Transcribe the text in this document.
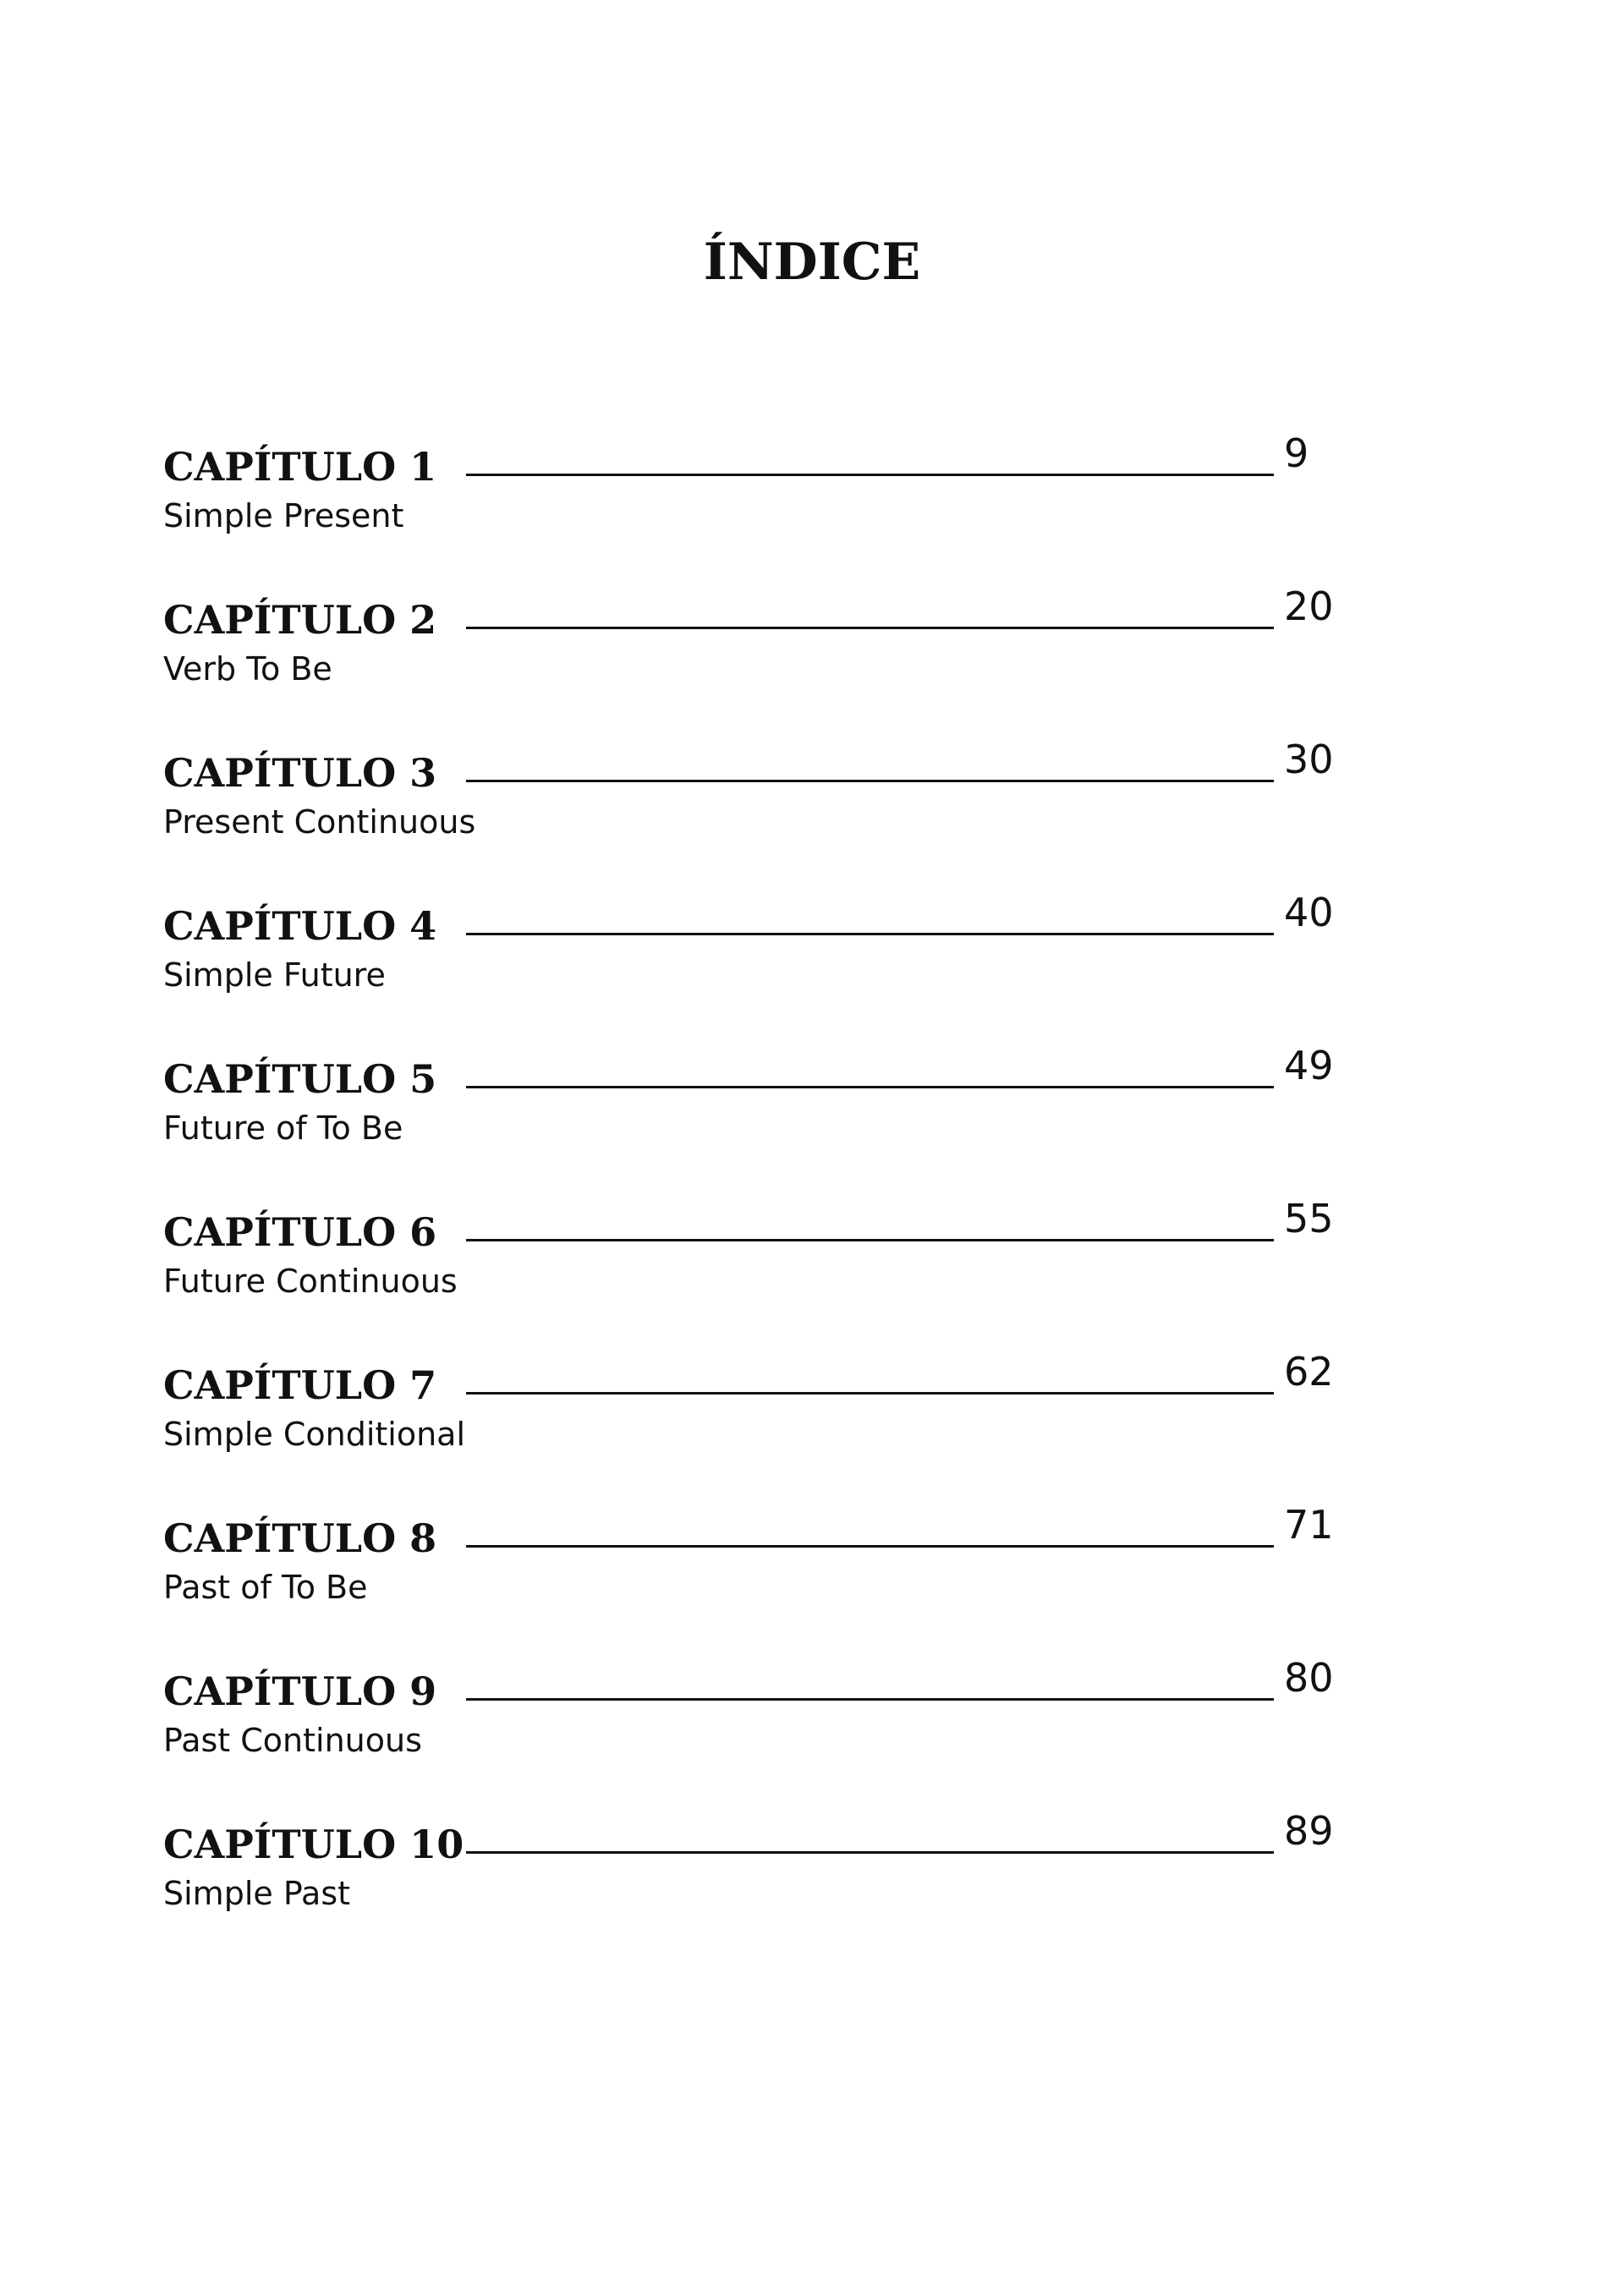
ÍNDICE
CAPÍTULO 1
Simple Present
9
CAPÍTULO 2
Verb To Be
20
CAPÍTULO 3
Present Continuous
30
CAPÍTULO 4
Simple Future
40
CAPÍTULO 5
Future of To Be
49
CAPÍTULO 6
Future Continuous
55
CAPÍTULO 7
Simple Conditional
62
CAPÍTULO 8
Past of To Be
71
CAPÍTULO 9
Past Continuous
80
CAPÍTULO 10
Simple Past
89
